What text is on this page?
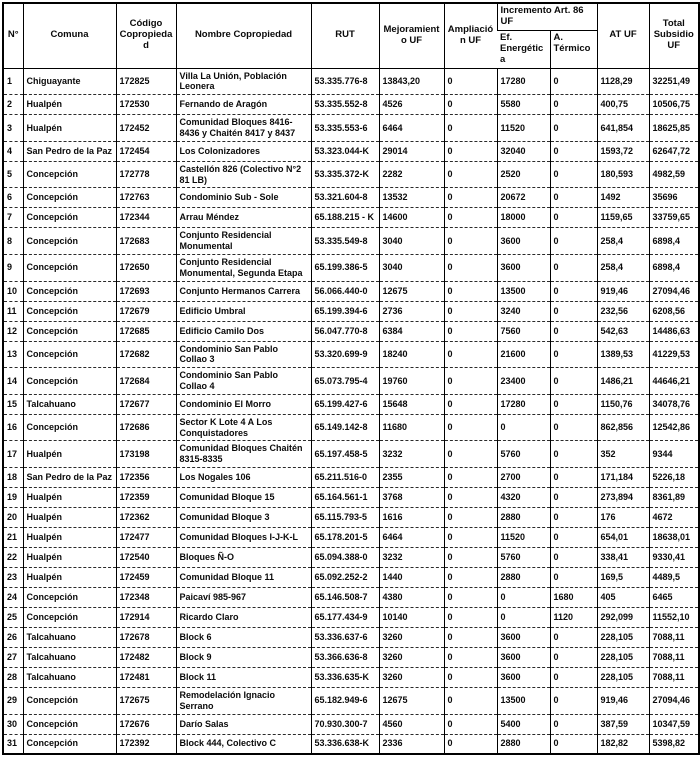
N°	Comuna	Código Copropiedad	Nombre Copropiedad	RUT	Mejoramiento UF	Ampliación UF	Incremento Art. 86 UF		AT UF	Total Subsidio UF
							Ef. Energética	A. Térmico		
1	Chiguayante	172825	Villa La Unión, Población Leonera	53.335.776-8	13843,20	0	17280	0	1128,29	32251,49
2	Hualpén	172530	Fernando de Aragón	53.335.552-8	4526	0	5580	0	400,75	10506,75
3	Hualpén	172452	Comunidad Bloques 8416-8436 y Chaitén 8417 y 8437	53.335.553-6	6464	0	11520	0	641,854	18625,85
4	San Pedro de la Paz	172454	Los Colonizadores	53.323.044-K	29014	0	32040	0	1593,72	62647,72
5	Concepción	172778	Castellón 826 (Colectivo N°2 81 LB)	53.335.372-K	2282	0	2520	0	180,593	4982,59
6	Concepción	172763	Condominio Sub - Sole	53.321.604-8	13532	0	20672	0	1492	35696
7	Concepción	172344	Arrau Méndez	65.188.215 - K	14600	0	18000	0	1159,65	33759,65
8	Concepción	172683	Conjunto Residencial Monumental	53.335.549-8	3040	0	3600	0	258,4	6898,4
9	Concepción	172650	Conjunto Residencial Monumental, Segunda Etapa	65.199.386-5	3040	0	3600	0	258,4	6898,4
10	Concepción	172693	Conjunto Hermanos Carrera	56.066.440-0	12675	0	13500	0	919,46	27094,46
11	Concepción	172679	Edificio Umbral	65.199.394-6	2736	0	3240	0	232,56	6208,56
12	Concepción	172685	Edificio Camilo Dos	56.047.770-8	6384	0	7560	0	542,63	14486,63
13	Concepción	172682	Condominio San Pablo Collao 3	53.320.699-9	18240	0	21600	0	1389,53	41229,53
14	Concepción	172684	Condominio San Pablo Collao 4	65.073.795-4	19760	0	23400	0	1486,21	44646,21
15	Talcahuano	172677	Condominio El Morro	65.199.427-6	15648	0	17280	0	1150,76	34078,76
16	Concepción	172686	Sector K Lote 4 A Los Conquistadores	65.149.142-8	11680	0	0	0	862,856	12542,86
17	Hualpén	173198	Comunidad Bloques Chaitén 8315-8335	65.197.458-5	3232	0	5760	0	352	9344
18	San Pedro de la Paz	172356	Los Nogales 106	65.211.516-0	2355	0	2700	0	171,184	5226,18
19	Hualpén	172359	Comunidad Bloque 15	65.164.561-1	3768	0	4320	0	273,894	8361,89
20	Hualpén	172362	Comunidad Bloque 3	65.115.793-5	1616	0	2880	0	176	4672
21	Hualpén	172477	Comunidad Bloques I-J-K-L	65.178.201-5	6464	0	11520	0	654,01	18638,01
22	Hualpén	172540	Bloques Ñ-O	65.094.388-0	3232	0	5760	0	338,41	9330,41
23	Hualpén	172459	Comunidad Bloque 11	65.092.252-2	1440	0	2880	0	169,5	4489,5
24	Concepción	172348	Paicaví 985-967	65.146.508-7	4380	0	0	1680	405	6465
25	Concepción	172914	Ricardo Claro	65.177.434-9	10140	0	0	1120	292,099	11552,10
26	Talcahuano	172678	Block 6	53.336.637-6	3260	0	3600	0	228,105	7088,11
27	Talcahuano	172482	Block 9	53.366.636-8	3260	0	3600	0	228,105	7088,11
28	Talcahuano	172481	Block 11	53.336.635-K	3260	0	3600	0	228,105	7088,11
29	Concepción	172675	Remodelación Ignacio Serrano	65.182.949-6	12675	0	13500	0	919,46	27094,46
30	Concepción	172676	Darío Salas	70.930.300-7	4560	0	5400	0	387,59	10347,59
31	Concepción	172392	Block 444, Colectivo C	53.336.638-K	2336	0	2880	0	182,82	5398,82
